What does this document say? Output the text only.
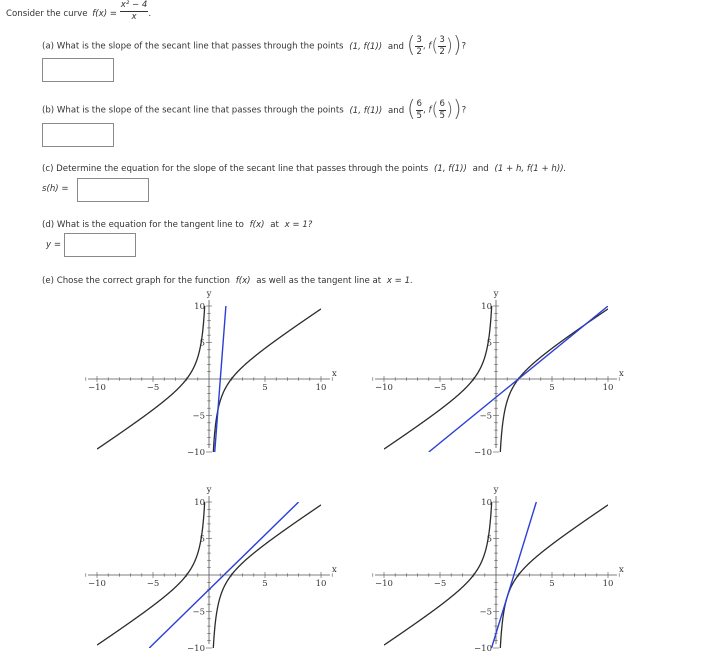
Consider the curve $f(x) = \frac{\text{x² − 4}}{x}$ .
(a) What is the slope of the secant line that passes through the points (1, f(1)) and ( $\frac{3}{2}$ , $f( \frac{3}{2}$ ))?
(b) What is the slope of the secant line that passes through the points (1, f(1)) and ( $\frac{6}{5}$ , $f( \frac{6}{5}$ ))?
(c) Determine the equation for the slope of the secant line that passes through the points (1, f(1)) and (1 + h, f(1 + h)).
s(h) =
(d) What is the equation for the tangent line to f(x) at x = 1?
y =
(e) Chose the correct graph for the function f(x) as well as the tangent line at x = 1.
−10	−5	5	10
x
y
10
5
−5
−10
−10	−5	5	10
x
y
10
5
−5
−10
−10	−5	5	10
x
y
10
5
−5
−10
−10	−5	5	10
x
y
10
5
−5
−10
